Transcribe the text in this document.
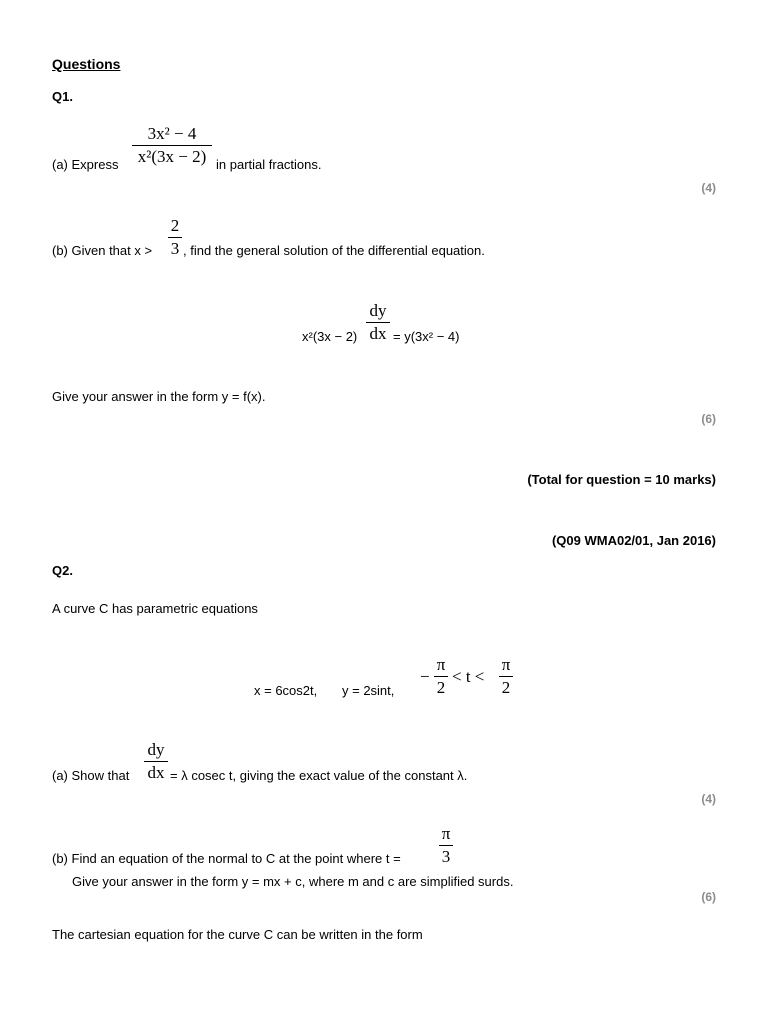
Questions
Q1.
(a) Express
3x² − 4
x²(3x − 2) in partial fractions.
(4)
(b) Given that x >
2
3 , find the general solution of the differential equation.
x²(3x − 2)
dy
dx = y(3x² − 4)
Give your answer in the form y = f(x).
(6)
(Total for question = 10 marks)
(Q09 WMA02/01, Jan 2016)
Q2.
A curve C has parametric equations
x = 6cos2t, y = 2sint,
−
π
2
< t <
π
2
(a) Show that
dy
dx = λ cosec t, giving the exact value of the constant λ.
(4)
(b) Find an equation of the normal to C at the point where t =
π
3
Give your answer in the form y = mx + c, where m and c are simplified surds.
(6)
The cartesian equation for the curve C can be written in the form
